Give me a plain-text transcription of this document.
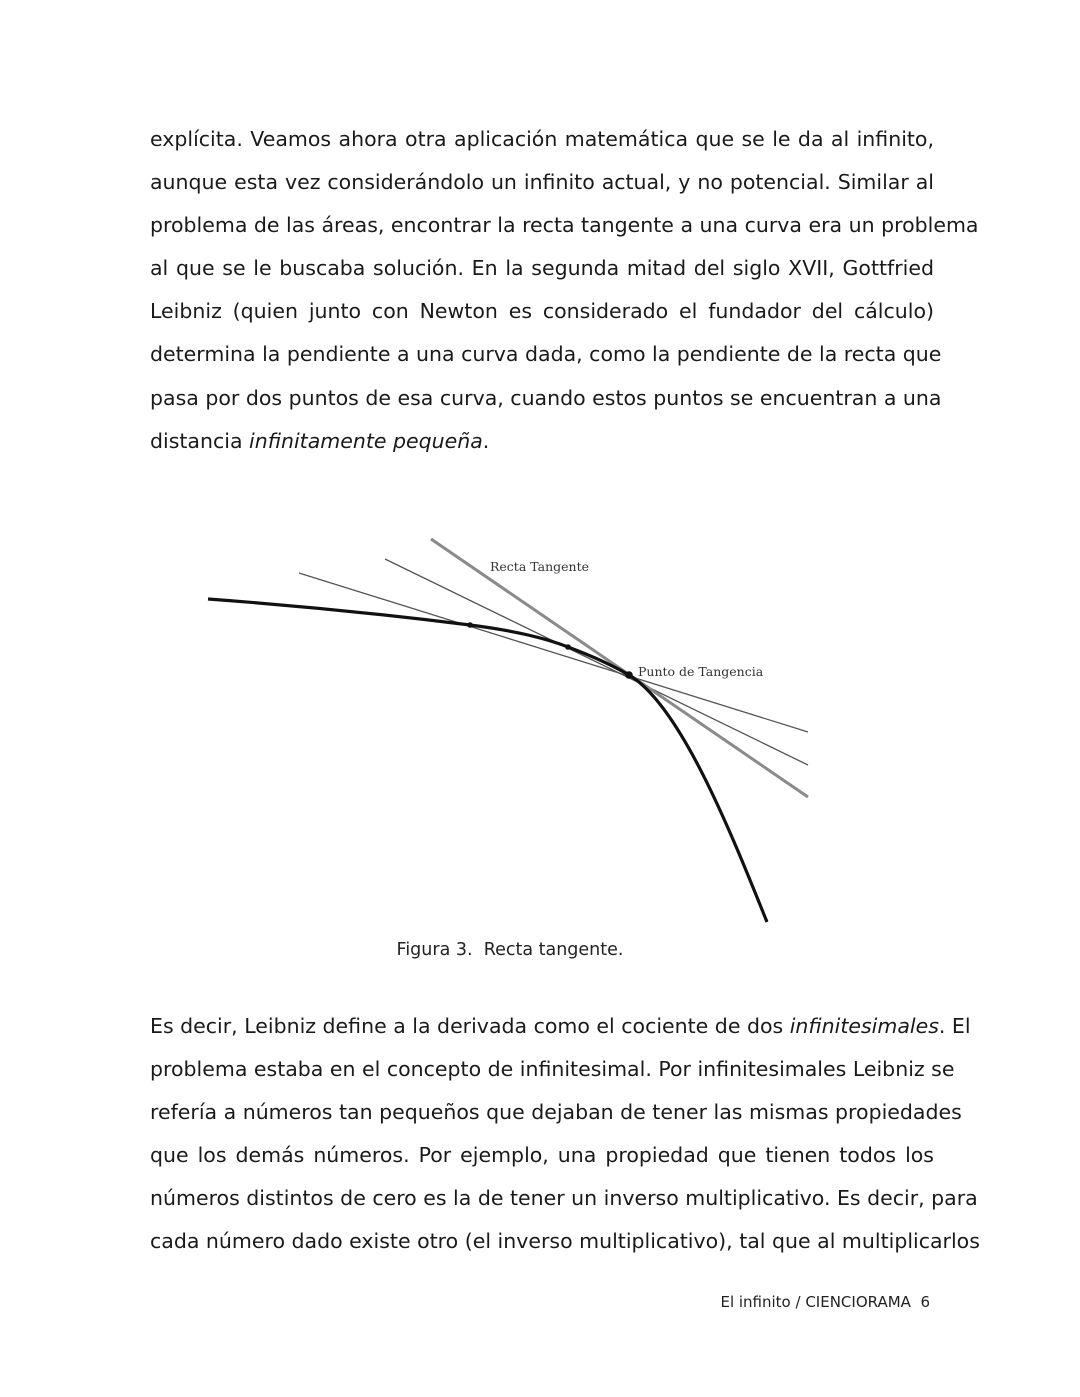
explícita. Veamos ahora otra aplicación matemática que se le da al infinito,
aunque esta vez considerándolo un infinito actual, y no potencial. Similar al
problema de las áreas, encontrar la recta tangente a una curva era un problema
al que se le buscaba solución. En la segunda mitad del siglo XVII, Gottfried
Leibniz (quien junto con Newton es considerado el fundador del cálculo)
determina la pendiente a una curva dada, como la pendiente de la recta que
pasa por dos puntos de esa curva, cuando estos puntos se encuentran a una
distancia infinitamente pequeña.
Recta Tangente
Punto de Tangencia
Figura 3. Recta tangente.
Es decir, Leibniz define a la derivada como el cociente de dos infinitesimales. El
problema estaba en el concepto de infinitesimal. Por infinitesimales Leibniz se
refería a números tan pequeños que dejaban de tener las mismas propiedades
que los demás números. Por ejemplo, una propiedad que tienen todos los
números distintos de cero es la de tener un inverso multiplicativo. Es decir, para
cada número dado existe otro (el inverso multiplicativo), tal que al multiplicarlos
El infinito / CIENCIORAMA 6
